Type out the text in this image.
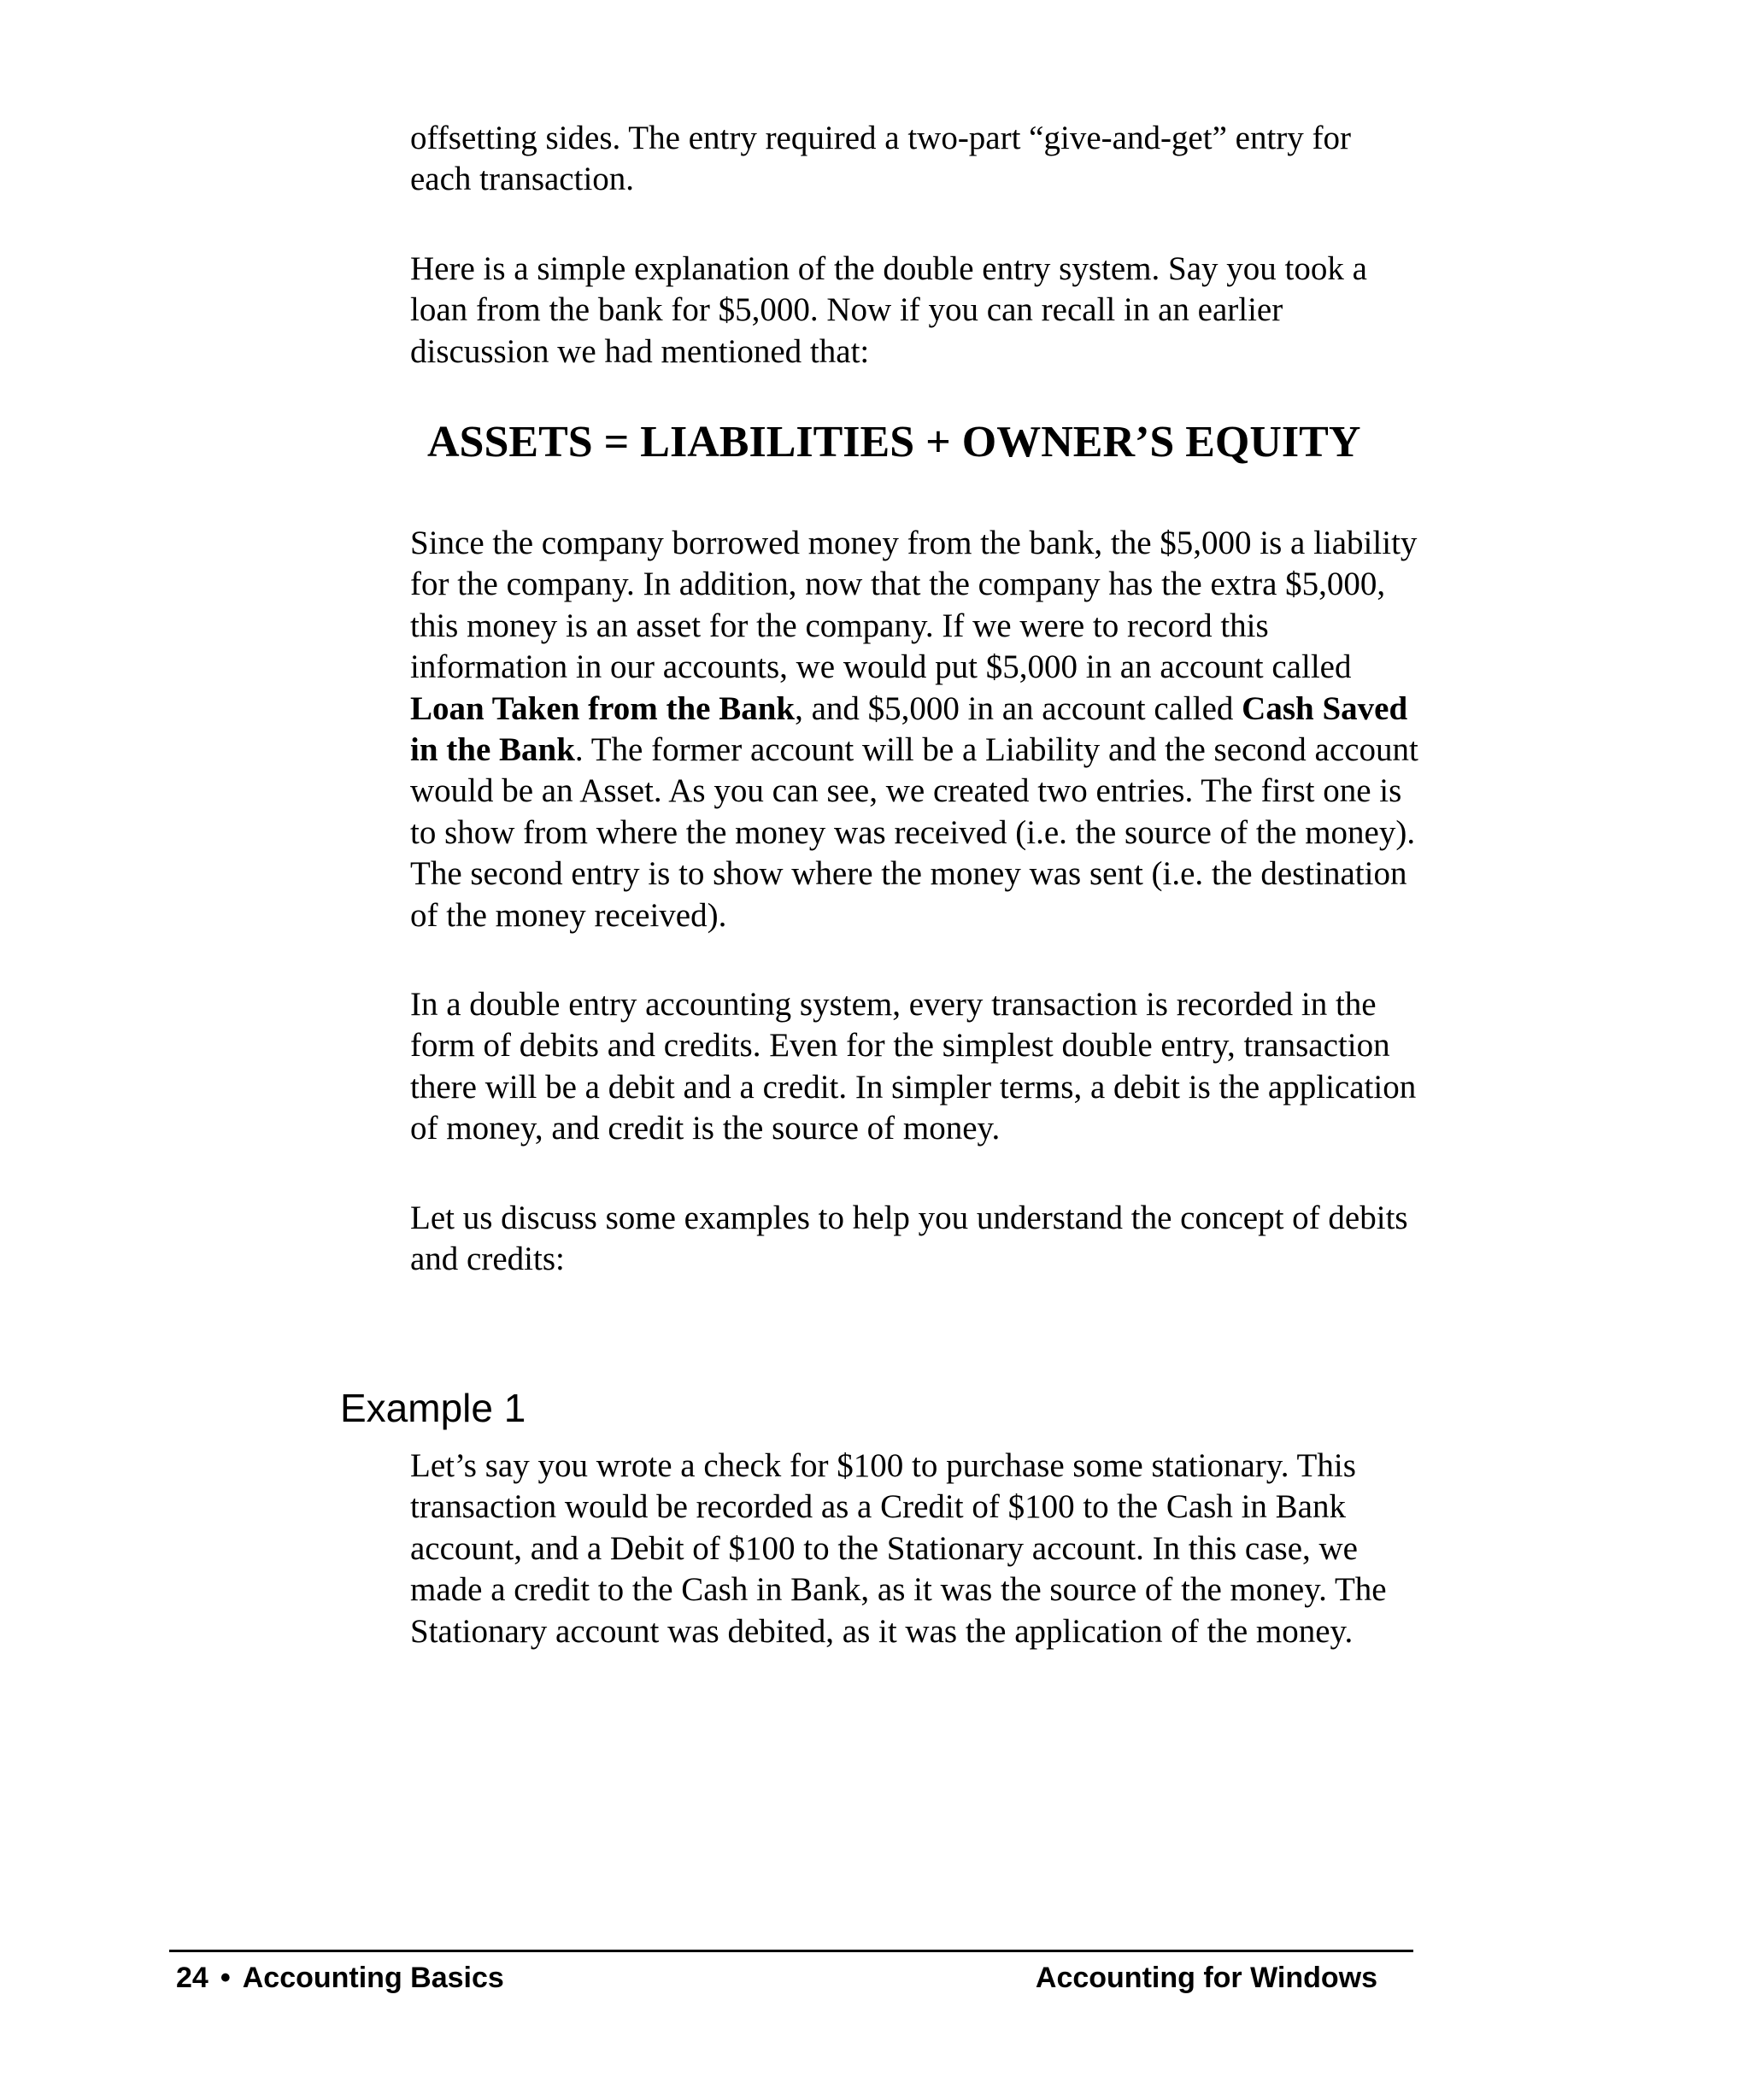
offsetting sides. The entry required a two-part “give-and-get” entry for each transaction.

Here is a simple explanation of the double entry system. Say you took a loan from the bank for $5,000. Now if you can recall in an earlier discussion we had mentioned that:

ASSETS = LIABILITIES + OWNER’S EQUITY

Since the company borrowed money from the bank, the $5,000 is a liability for the company. In addition, now that the company has the extra $5,000, this money is an asset for the company. If we were to record this information in our accounts, we would put $5,000 in an account called Loan Taken from the Bank, and $5,000 in an account called Cash Saved in the Bank. The former account will be a Liability and the second account would be an Asset. As you can see, we created two entries. The first one is to show from where the money was received (i.e. the source of the money). The second entry is to show where the money was sent (i.e. the destination of the money received).

In a double entry accounting system, every transaction is recorded in the form of debits and credits. Even for the simplest double entry, transaction there will be a debit and a credit. In simpler terms, a debit is the application of money, and credit is the source of money.

Let us discuss some examples to help you understand the concept of debits and credits:

Example 1

Let’s say you wrote a check for $100 to purchase some stationary. This transaction would be recorded as a Credit of $100 to the Cash in Bank account, and a Debit of $100 to the Stationary account. In this case, we made a credit to the Cash in Bank, as it was the source of the money. The Stationary account was debited, as it was the application of the money.

24 • Accounting Basics	Accounting for Windows
